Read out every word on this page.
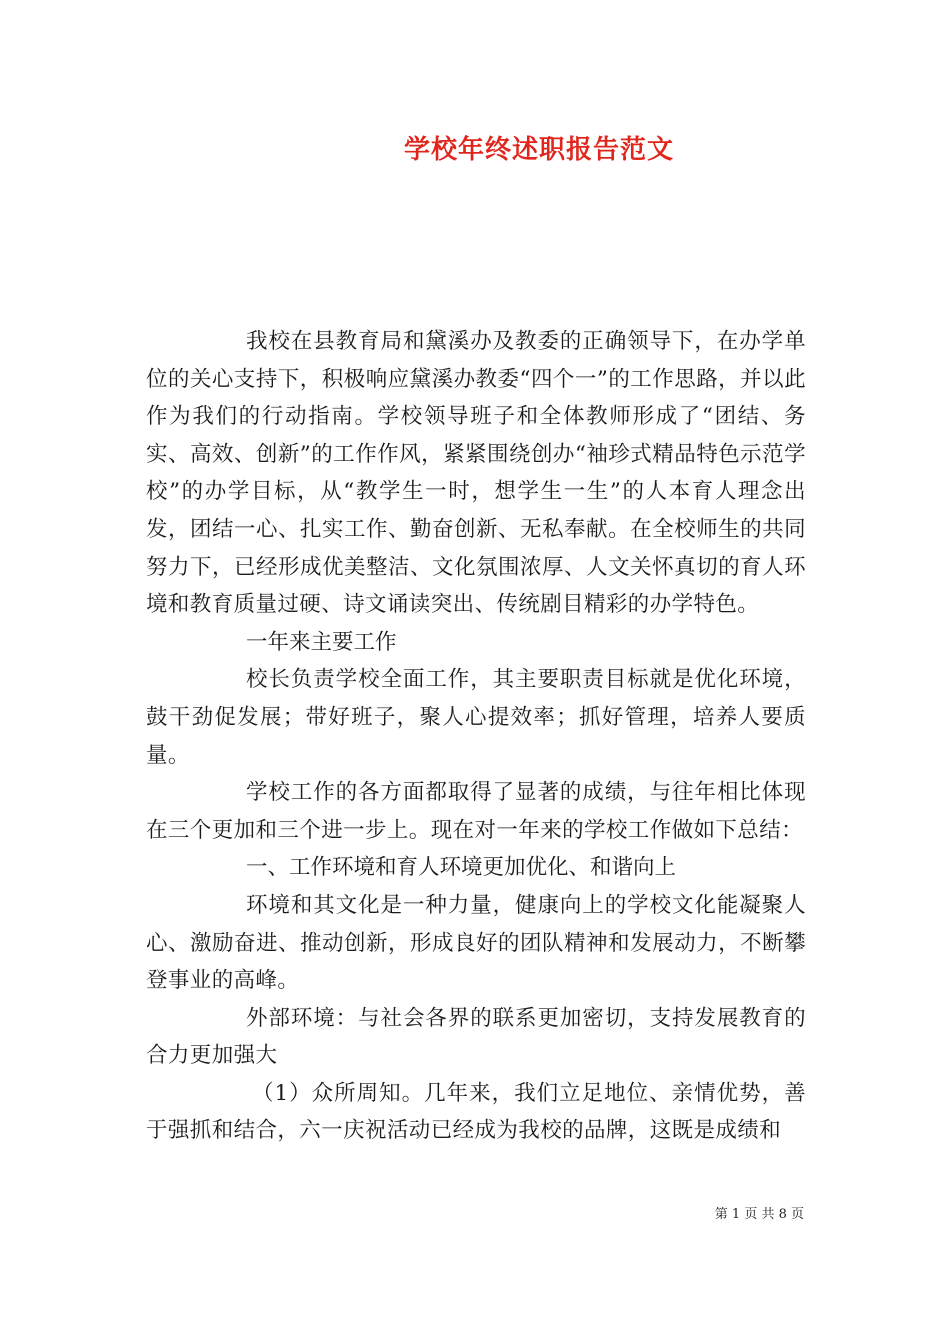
学校年终述职报告范文

我校在县教育局和黛溪办及教委的正确领导下，在办学单位的关心支持下，积极响应黛溪办教委“四个一”的工作思路，并以此作为我们的行动指南。学校领导班子和全体教师形成了“团结、务实、高效、创新”的工作作风，紧紧围绕创办“袖珍式精品特色示范学校”的办学目标，从“教学生一时，想学生一生”的人本育人理念出发，团结一心、扎实工作、勤奋创新、无私奉献。在全校师生的共同努力下，已经形成优美整洁、文化氛围浓厚、人文关怀真切的育人环境和教育质量过硬、诗文诵读突出、传统剧目精彩的办学特色。

一年来主要工作

校长负责学校全面工作，其主要职责目标就是优化环境，鼓干劲促发展；带好班子，聚人心提效率；抓好管理，培养人要质量。

学校工作的各方面都取得了显著的成绩，与往年相比体现在三个更加和三个进一步上。现在对一年来的学校工作做如下总结：

一、工作环境和育人环境更加优化、和谐向上

环境和其文化是一种力量，健康向上的学校文化能凝聚人心、激励奋进、推动创新，形成良好的团队精神和发展动力，不断攀登事业的高峰。

外部环境：与社会各界的联系更加密切，支持发展教育的合力更加强大

（1）众所周知。几年来，我们立足地位、亲情优势，善于强抓和结合，六一庆祝活动已经成为我校的品牌，这既是成绩和

第 1 页 共 8 页
